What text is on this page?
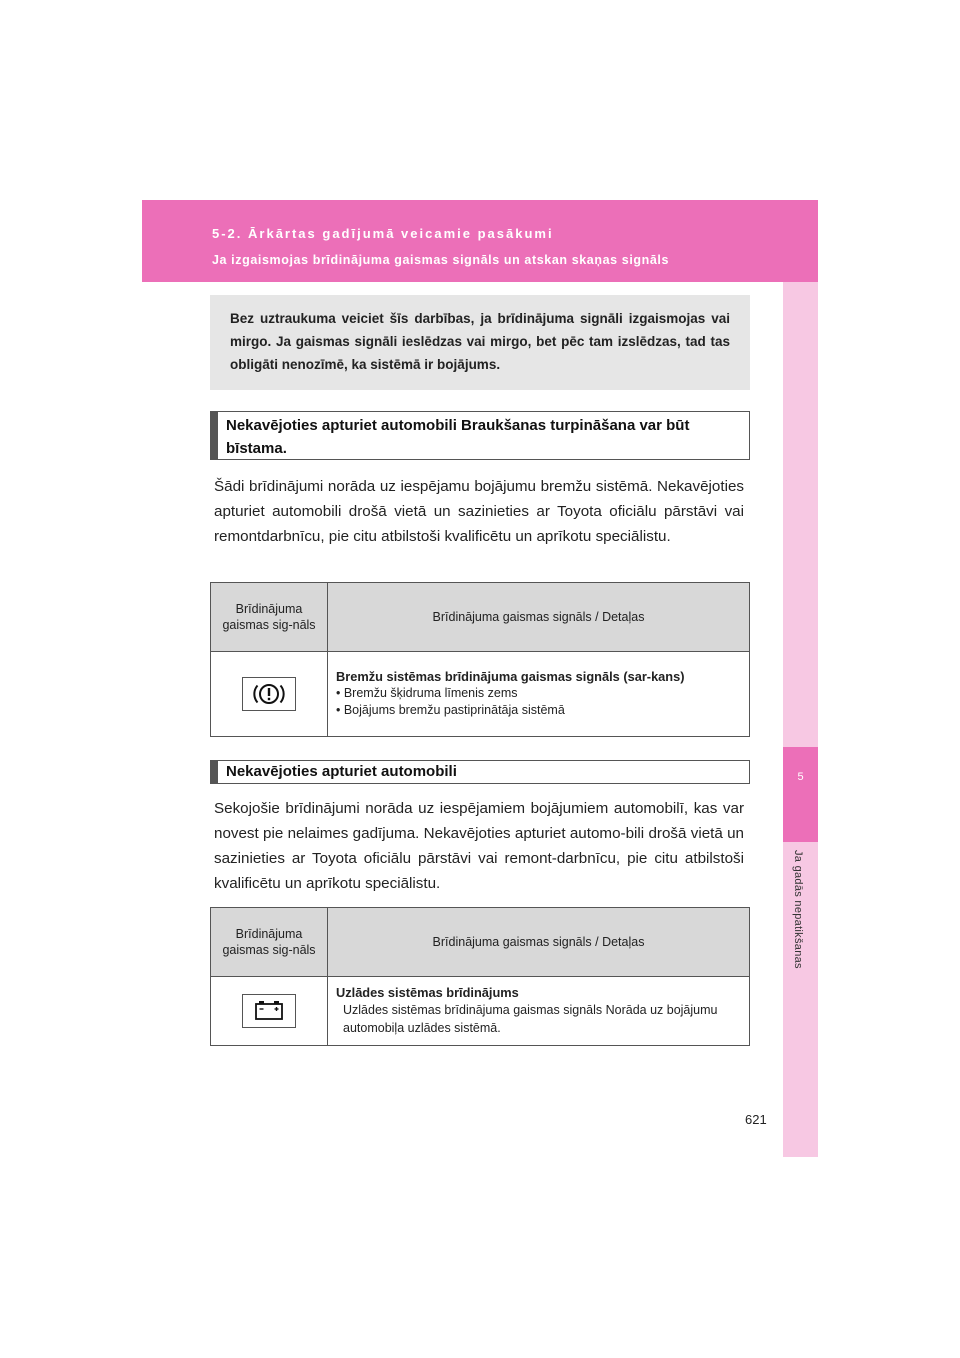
5-2. Ārkārtas gadījumā veicamie pasākumi
Ja izgaismojas brīdinājuma gaismas signāls un atskan skaņas signāls
5
Ja gadās nepatikšanas
Bez uztraukuma veiciet šīs darbības, ja brīdinājuma signāli izgaismojas vai mirgo. Ja gaismas signāli ieslēdzas vai mirgo, bet pēc tam izslēdzas, tad tas obligāti nenozīmē, ka sistēmā ir bojājums.
Nekavējoties apturiet automobili Braukšanas turpināšana var būt bīstama.
Šādi brīdinājumi norāda uz iespējamu bojājumu bremžu sistēmā. Nekavējoties apturiet automobili drošā vietā un sazinieties ar Toyota oficiālu pārstāvi vai remontdarbnīcu, pie citu atbilstoši kvalificētu un aprīkotu speciālistu.
Brīdinājuma gaismas sig-nāls	Brīdinājuma gaismas signāls / Detaļas

Bremžu sistēmas brīdinājuma gaismas signāls (sar-kans)
• Bremžu šķidruma līmenis zems
• Bojājums bremžu pastiprinātāja sistēmā
Nekavējoties apturiet automobili
Sekojošie brīdinājumi norāda uz iespējamiem bojājumiem automobilī, kas var novest pie nelaimes gadījuma. Nekavējoties apturiet automo-bili drošā vietā un sazinieties ar Toyota oficiālu pārstāvi vai remont-darbnīcu, pie citu atbilstoši kvalificētu un aprīkotu speciālistu.
Brīdinājuma gaismas sig-nāls	Brīdinājuma gaismas signāls / Detaļas

Uzlādes sistēmas brīdinājums
Uzlādes sistēmas brīdinājuma gaismas signāls Norāda uz bojājumu automobiļa uzlādes sistēmā.
621
